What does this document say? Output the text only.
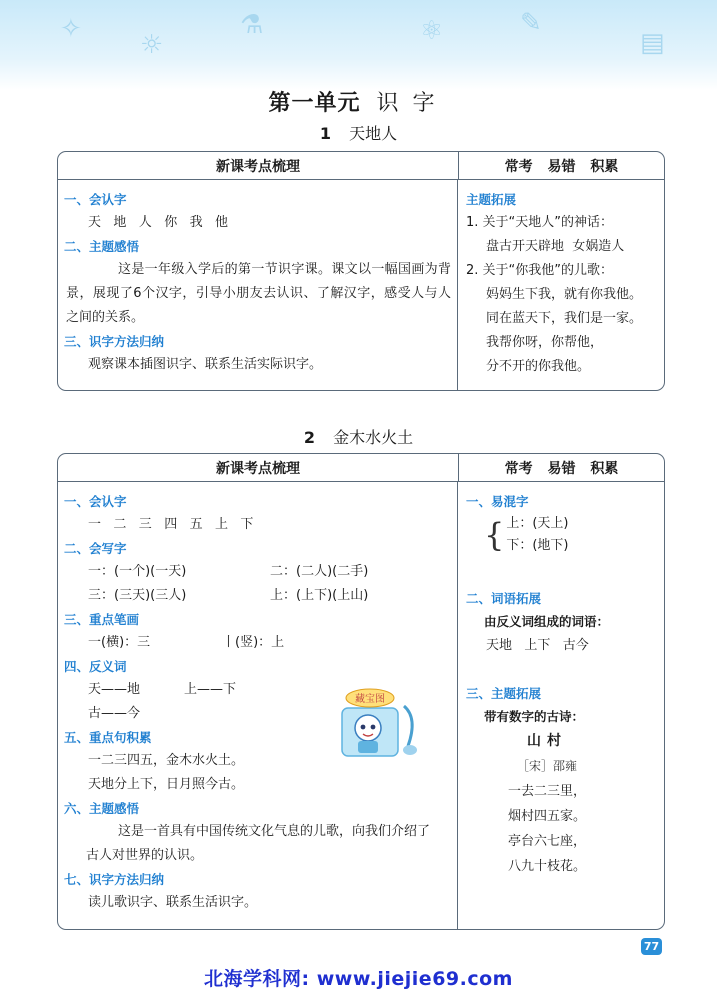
✧
☼
⚗	⚛	✎
▤
第一单元 识字
1 天地人
新课考点梳理	常考 易错 积累
一、会认字
天   地   人   你   我   他
二、主题感悟

这是一年级入学后的第一节识字课。课文以一幅国画为背景，展现了6个汉字，引导小朋友去认识、了解汉字，感受人与人之间的关系。

三、识字方法归纳
观察课本插图识字、联系生活实际识字。
主题拓展
1. 关于“天地人”的神话：
盘古开天辟地  女娲造人
2. 关于“你我他”的儿歌：
妈妈生下我，就有你我他。
同在蓝天下，我们是一家。
我帮你呀，你帮他，
分不开的你我他。
2 金木水火土
新课考点梳理	常考 易错 积累
一、会认字
一   二   三   四   五   上   下
二、会写字
一：(一个)(一天)	二：(二人)(二手)
三：(三天)(三人)	上：(上下)(上山)
三、重点笔画
一(横)：三	丨(竖)：上
四、反义词
天——地	上——下
古——今
五、重点句积累
一二三四五，金木水火土。
天地分上下，日月照今古。
六、主题感悟

这是一首具有中国传统文化气息的儿歌，向我们介绍了

古人对世界的认识。

七、识字方法归纳
读儿歌识字、联系生活识字。
一、易混字
{ 上：(天上)
下：(地下)
二、词语拓展
由反义词组成的词语：
天地   上下   古今
三、主题拓展
带有数字的古诗：
山村
［宋］邵雍
一去二三里，
烟村四五家。
亭台六七座，
八九十枝花。
藏宝图
77
北海学科网: www.jiejie69.com
